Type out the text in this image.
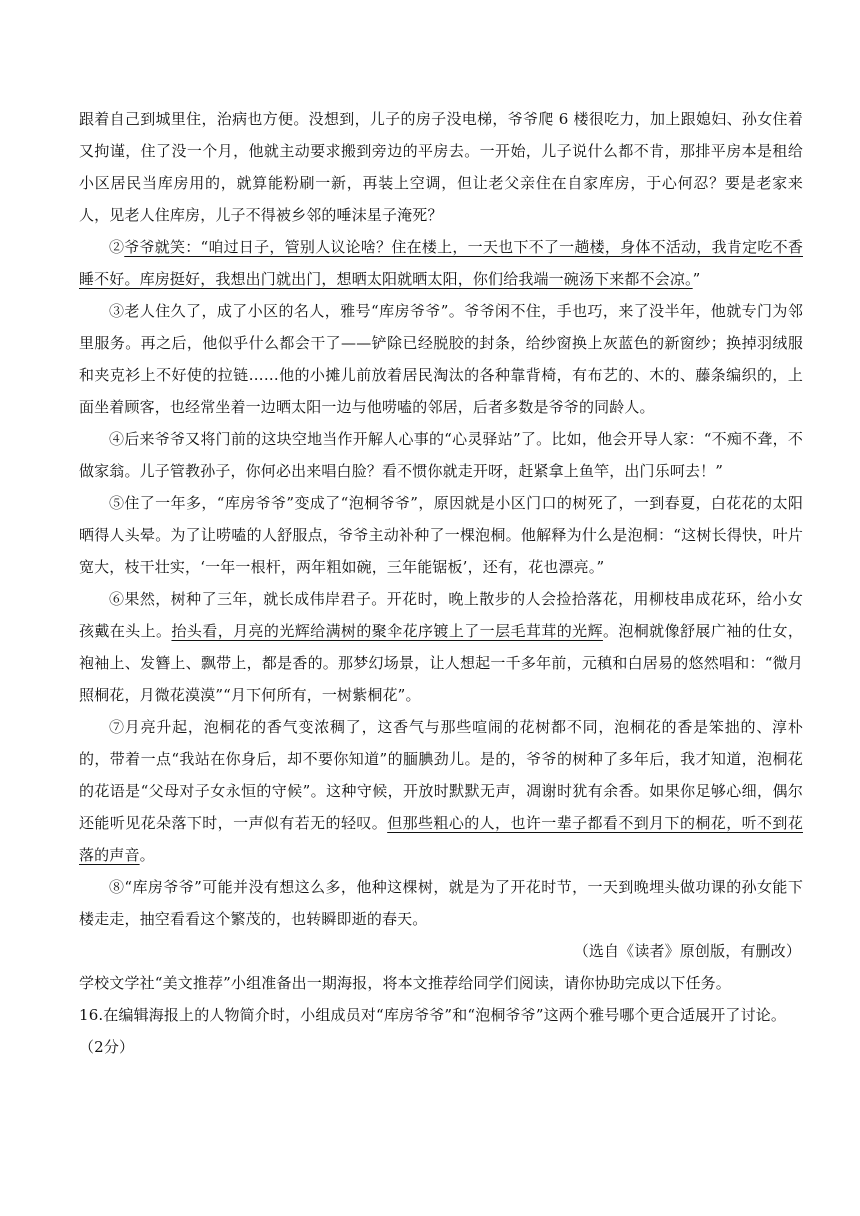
跟着自己到城里住，治病也方便。没想到，儿子的房子没电梯，爷爷爬 6 楼很吃力，加上跟媳妇、孙女住着又拘谨，住了没一个月，他就主动要求搬到旁边的平房去。一开始，儿子说什么都不肯，那排平房本是租给小区居民当库房用的，就算能粉刷一新，再装上空调，但让老父亲住在自家库房，于心何忍？要是老家来人，见老人住库房，儿子不得被乡邻的唾沫星子淹死？

②爷爷就笑：“咱过日子，管别人议论啥？住在楼上，一天也下不了一趟楼，身体不活动，我肯定吃不香睡不好。库房挺好，我想出门就出门，想晒太阳就晒太阳，你们给我端一碗汤下来都不会凉。”

③老人住久了，成了小区的名人，雅号“库房爷爷”。爷爷闲不住，手也巧，来了没半年，他就专门为邻里服务。再之后，他似乎什么都会干了——铲除已经脱胶的封条，给纱窗换上灰蓝色的新窗纱；换掉羽绒服和夹克衫上不好使的拉链……他的小摊儿前放着居民淘汰的各种靠背椅，有布艺的、木的、藤条编织的，上面坐着顾客，也经常坐着一边晒太阳一边与他唠嗑的邻居，后者多数是爷爷的同龄人。

④后来爷爷又将门前的这块空地当作开解人心事的“心灵驿站”了。比如，他会开导人家：“不痴不聋，不做家翁。儿子管教孙子，你何必出来唱白脸？看不惯你就走开呀，赶紧拿上鱼竿，出门乐呵去！”

⑤住了一年多，“库房爷爷”变成了“泡桐爷爷”，原因就是小区门口的树死了，一到春夏，白花花的太阳晒得人头晕。为了让唠嗑的人舒服点，爷爷主动补种了一棵泡桐。他解释为什么是泡桐：“这树长得快，叶片宽大，枝干壮实，‘一年一根杆，两年粗如碗，三年能锯板’，还有，花也漂亮。”

⑥果然，树种了三年，就长成伟岸君子。开花时，晚上散步的人会捡拾落花，用柳枝串成花环，给小女孩戴在头上。抬头看，月亮的光辉给满树的聚伞花序镀上了一层毛茸茸的光辉。泡桐就像舒展广袖的仕女，袍袖上、发簪上、飘带上，都是香的。那梦幻场景，让人想起一千多年前，元稹和白居易的悠然唱和：“微月照桐花，月微花漠漠”“月下何所有，一树紫桐花”。

⑦月亮升起，泡桐花的香气变浓稠了，这香气与那些喧闹的花树都不同，泡桐花的香是笨拙的、淳朴的，带着一点“我站在你身后，却不要你知道”的腼腆劲儿。是的，爷爷的树种了多年后，我才知道，泡桐花的花语是“父母对子女永恒的守候”。这种守候，开放时默默无声，凋谢时犹有余香。如果你足够心细，偶尔还能听见花朵落下时，一声似有若无的轻叹。但那些粗心的人，也许一辈子都看不到月下的桐花，听不到花落的声音。

⑧“库房爷爷”可能并没有想这么多，他种这棵树，就是为了开花时节，一天到晚埋头做功课的孙女能下楼走走，抽空看看这个繁茂的，也转瞬即逝的春天。

（选自《读者》原创版，有删改）

学校文学社“美文推荐”小组准备出一期海报，将本文推荐给同学们阅读，请你协助完成以下任务。

16.在编辑海报上的人物简介时，小组成员对“库房爷爷”和“泡桐爷爷”这两个雅号哪个更合适展开了讨论。（2分）
